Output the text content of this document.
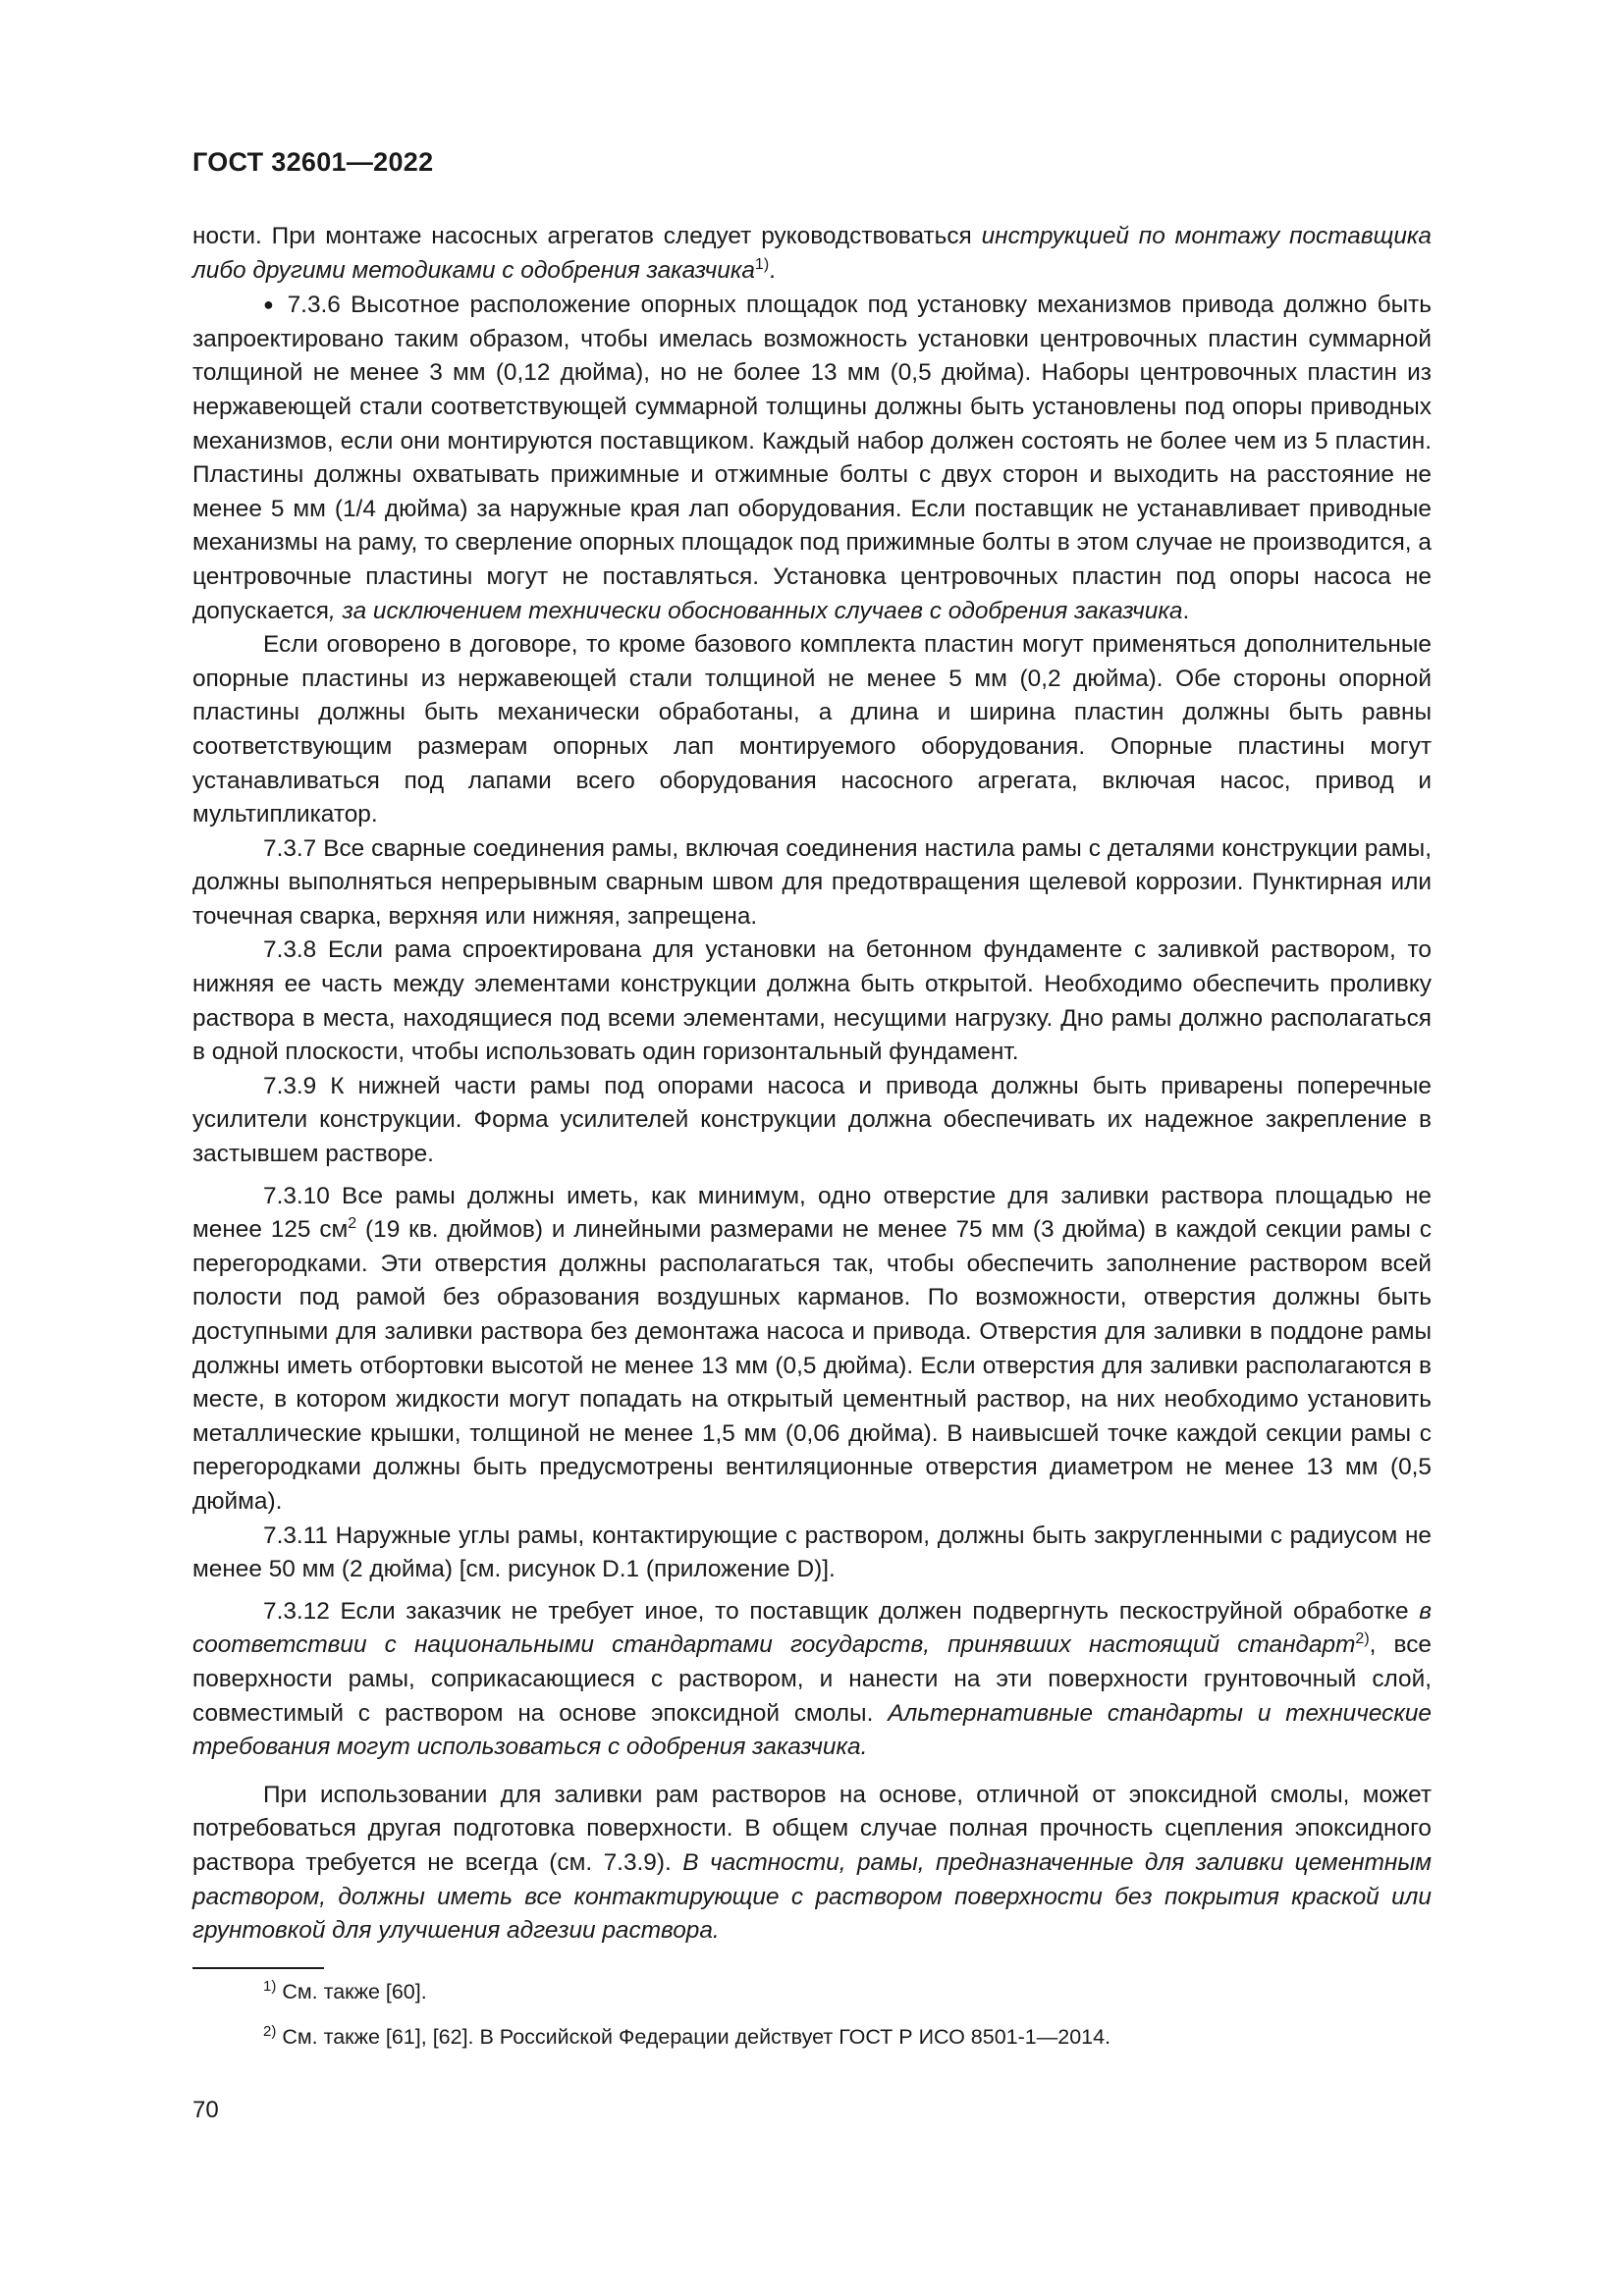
ГОСТ 32601—2022

ности. При монтаже насосных агрегатов следует руководствоваться инструкцией по монтажу поставщика либо другими методиками с одобрения заказчика$^{1)}$.

● 7.3.6 Высотное расположение опорных площадок под установку механизмов привода должно быть запроектировано таким образом, чтобы имелась возможность установки центровочных пластин суммарной толщиной не менее 3 мм (0,12 дюйма), но не более 13 мм (0,5 дюйма). Наборы центровочных пластин из нержавеющей стали соответствующей суммарной толщины должны быть установлены под опоры приводных механизмов, если они монтируются поставщиком. Каждый набор должен состоять не более чем из 5 пластин. Пластины должны охватывать прижимные и отжимные болты с двух сторон и выходить на расстояние не менее 5 мм (1/4 дюйма) за наружные края лап оборудования. Если поставщик не устанавливает приводные механизмы на раму, то сверление опорных площадок под прижимные болты в этом случае не производится, а центровочные пластины могут не поставляться. Установка центровочных пластин под опоры насоса не допускается, за исключением технически обоснованных случаев с одобрения заказчика.

Если оговорено в договоре, то кроме базового комплекта пластин могут применяться дополнительные опорные пластины из нержавеющей стали толщиной не менее 5 мм (0,2 дюйма). Обе стороны опорной пластины должны быть механически обработаны, а длина и ширина пластин должны быть равны соответствующим размерам опорных лап монтируемого оборудования. Опорные пластины могут устанавливаться под лапами всего оборудования насосного агрегата, включая насос, привод и мультипликатор.

7.3.7 Все сварные соединения рамы, включая соединения настила рамы с деталями конструкции рамы, должны выполняться непрерывным сварным швом для предотвращения щелевой коррозии. Пунктирная или точечная сварка, верхняя или нижняя, запрещена.

7.3.8 Если рама спроектирована для установки на бетонном фундаменте с заливкой раствором, то нижняя ее часть между элементами конструкции должна быть открытой. Необходимо обеспечить проливку раствора в места, находящиеся под всеми элементами, несущими нагрузку. Дно рамы должно располагаться в одной плоскости, чтобы использовать один горизонтальный фундамент.

7.3.9 К нижней части рамы под опорами насоса и привода должны быть приварены поперечные усилители конструкции. Форма усилителей конструкции должна обеспечивать их надежное закрепление в застывшем растворе.

7.3.10 Все рамы должны иметь, как минимум, одно отверстие для заливки раствора площадью не менее 125 $см^2$ (19 кв. дюймов) и линейными размерами не менее 75 мм (3 дюйма) в каждой секции рамы с перегородками. Эти отверстия должны располагаться так, чтобы обеспечить заполнение раствором всей полости под рамой без образования воздушных карманов. По возможности, отверстия должны быть доступными для заливки раствора без демонтажа насоса и привода. Отверстия для заливки в поддоне рамы должны иметь отбортовки высотой не менее 13 мм (0,5 дюйма). Если отверстия для заливки располагаются в месте, в котором жидкости могут попадать на открытый цементный раствор, на них необходимо установить металлические крышки, толщиной не менее 1,5 мм (0,06 дюйма). В наивысшей точке каждой секции рамы с перегородками должны быть предусмотрены вентиляционные отверстия диаметром не менее 13 мм (0,5 дюйма).

7.3.11 Наружные углы рамы, контактирующие с раствором, должны быть закругленными с радиусом не менее 50 мм (2 дюйма) [см. рисунок D.1 (приложение D)].

7.3.12 Если заказчик не требует иное, то поставщик должен подвергнуть пескоструйной обработке в соответствии с национальными стандартами государств, принявших настоящий стандарт$^{2)}$, все поверхности рамы, соприкасающиеся с раствором, и нанести на эти поверхности грунтовочный слой, совместимый с раствором на основе эпоксидной смолы. Альтернативные стандарты и технические требования могут использоваться с одобрения заказчика.

При использовании для заливки рам растворов на основе, отличной от эпоксидной смолы, может потребоваться другая подготовка поверхности. В общем случае полная прочность сцепления эпоксидного раствора требуется не всегда (см. 7.3.9). В частности, рамы, предназначенные для заливки цементным раствором, должны иметь все контактирующие с раствором поверхности без покрытия краской или грунтовкой для улучшения адгезии раствора.

$^{1)}$ См. также [60].

$^{2)}$ См. также [61], [62]. В Российской Федерации действует ГОСТ Р ИСО 8501-1—2014.

70
